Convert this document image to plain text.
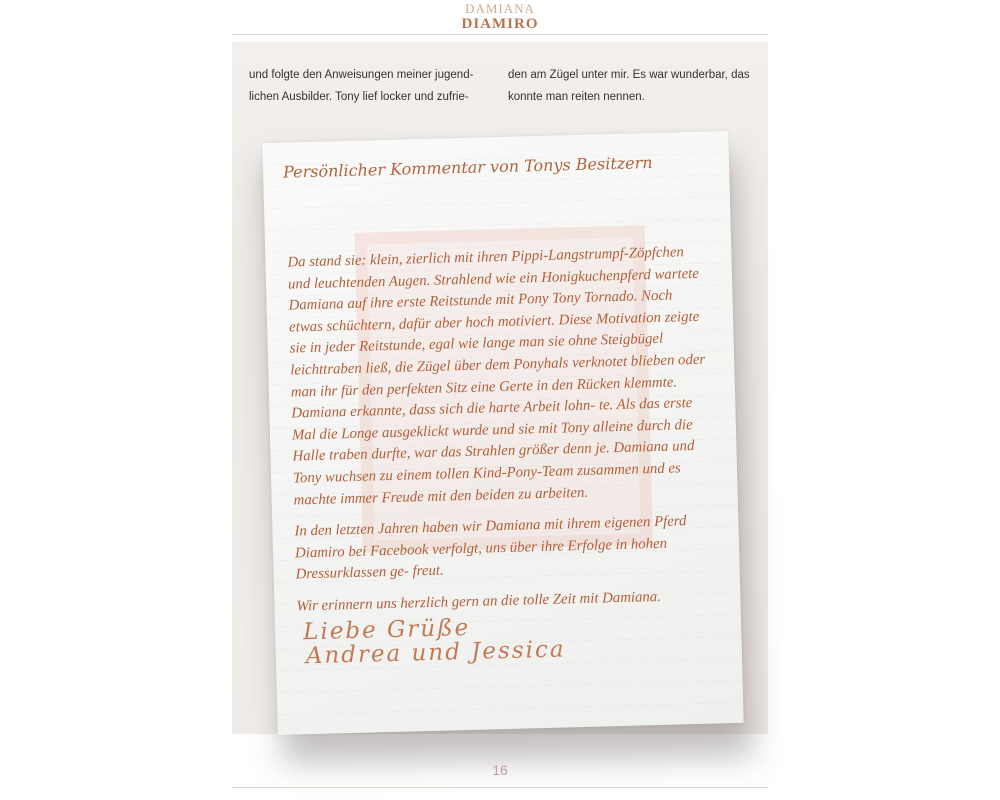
DAMIANA
DIAMIRO
und folgte den Anweisungen meiner jugend- lichen Ausbilder. Tony lief locker und zufrie-
den am Zügel unter mir. Es war wunderbar, das konnte man reiten nennen.
Persönlicher Kommentar von Tonys Besitzern

Da stand sie: klein, zierlich mit ihren Pippi-Langstrumpf-Zöpfchen und leuchtenden Augen. Strahlend wie ein Honigkuchenpferd wartete Damiana auf ihre erste Reitstunde mit Pony Tony Tornado. Noch etwas schüchtern, dafür aber hoch motiviert. Diese Motivation zeigte sie in jeder Reitstunde, egal wie lange man sie ohne Steigbügel leichttraben ließ, die Zügel über dem Ponyhals verknotet blieben oder man ihr für den perfekten Sitz eine Gerte in den Rücken klemmte. Damiana erkannte, dass sich die harte Arbeit lohn- te. Als das erste Mal die Longe ausgeklickt wurde und sie mit Tony alleine durch die Halle traben durfte, war das Strahlen größer denn je. Damiana und Tony wuchsen zu einem tollen Kind-Pony-Team zusammen und es machte immer Freude mit den beiden zu arbeiten.

In den letzten Jahren haben wir Damiana mit ihrem eigenen Pferd Diamiro bei Facebook verfolgt, uns über ihre Erfolge in hohen Dressurklassen ge- freut.

Wir erinnern uns herzlich gern an die tolle Zeit mit Damiana.

Liebe Grüße
Andrea und Jessica
16
